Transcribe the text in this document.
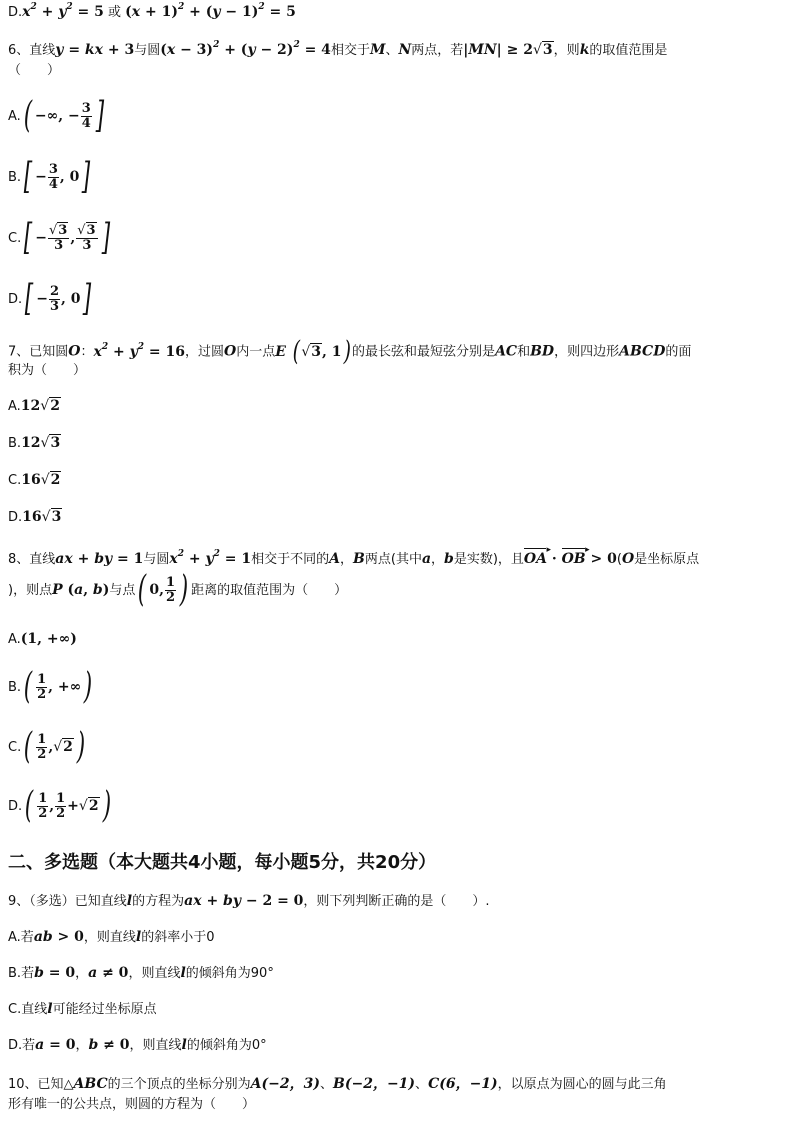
$D.x^2 + y^2 = 5$ 或 $(x + 1)^2 + (y - 1)^2 = 5$
6、直线y = kx + 3与圆$(x - 3)^2 + (y - 2)^2 = 4$相交于M、N两点，若|MN| ≥ 2√3，则k的取值范围是
（　　）
A.( −∞, − $\frac{3}{4}$ ]
$B.[ - \frac{3}{4}$ , 0]
$C.[ - \frac{√3}{3}$ , $\frac{√3}{3}$ ]
$D.[ - \frac{2}{3}$ , 0]
7、已知圆O：$x^2 + y^2 = 16$，过圆O内一点E ( √3, 1) 的最长弦和最短弦分别是AC和BD，则四边形ABCD的面
积为（　　）
A.12√2
B.12√3
C.16√2
D.16√3
8、直线ax + by = 1与圆$x^2 + y^2 = 1$相交于不同的A，B两点(其中a，b是实数)，且OA ▸ · OB ▸ > 0(O是坐标原点
)，则点P (a, b)与点( 0, $\frac{1}{2}$ ) 距离的取值范围为（　　）
A.(1, +∞)
$B.( \frac{1}{2}$ , +∞)
$C.( \frac{1}{2} ,√2$ )
$D.( \frac{1}{2}$ , $\frac{1}{2} +√2$ )
二、多选题（本大题共4小题，每小题5分，共20分）
9、（多选）已知直线l的方程为ax + by − 2 = 0，则下列判断正确的是（　　）.
A.若ab > 0，则直线l的斜率小于0
B.若b = 0，a ≠ 0，则直线l的倾斜角为90°
C.直线l可能经过坐标原点
D.若a = 0，b ≠ 0，则直线l的倾斜角为0°
10、已知△ABC的三个顶点的坐标分别为A(−2，3)、B(−2，−1)、C(6，−1)，以原点为圆心的圆与此三角
形有唯一的公共点，则圆的方程为（　　）
